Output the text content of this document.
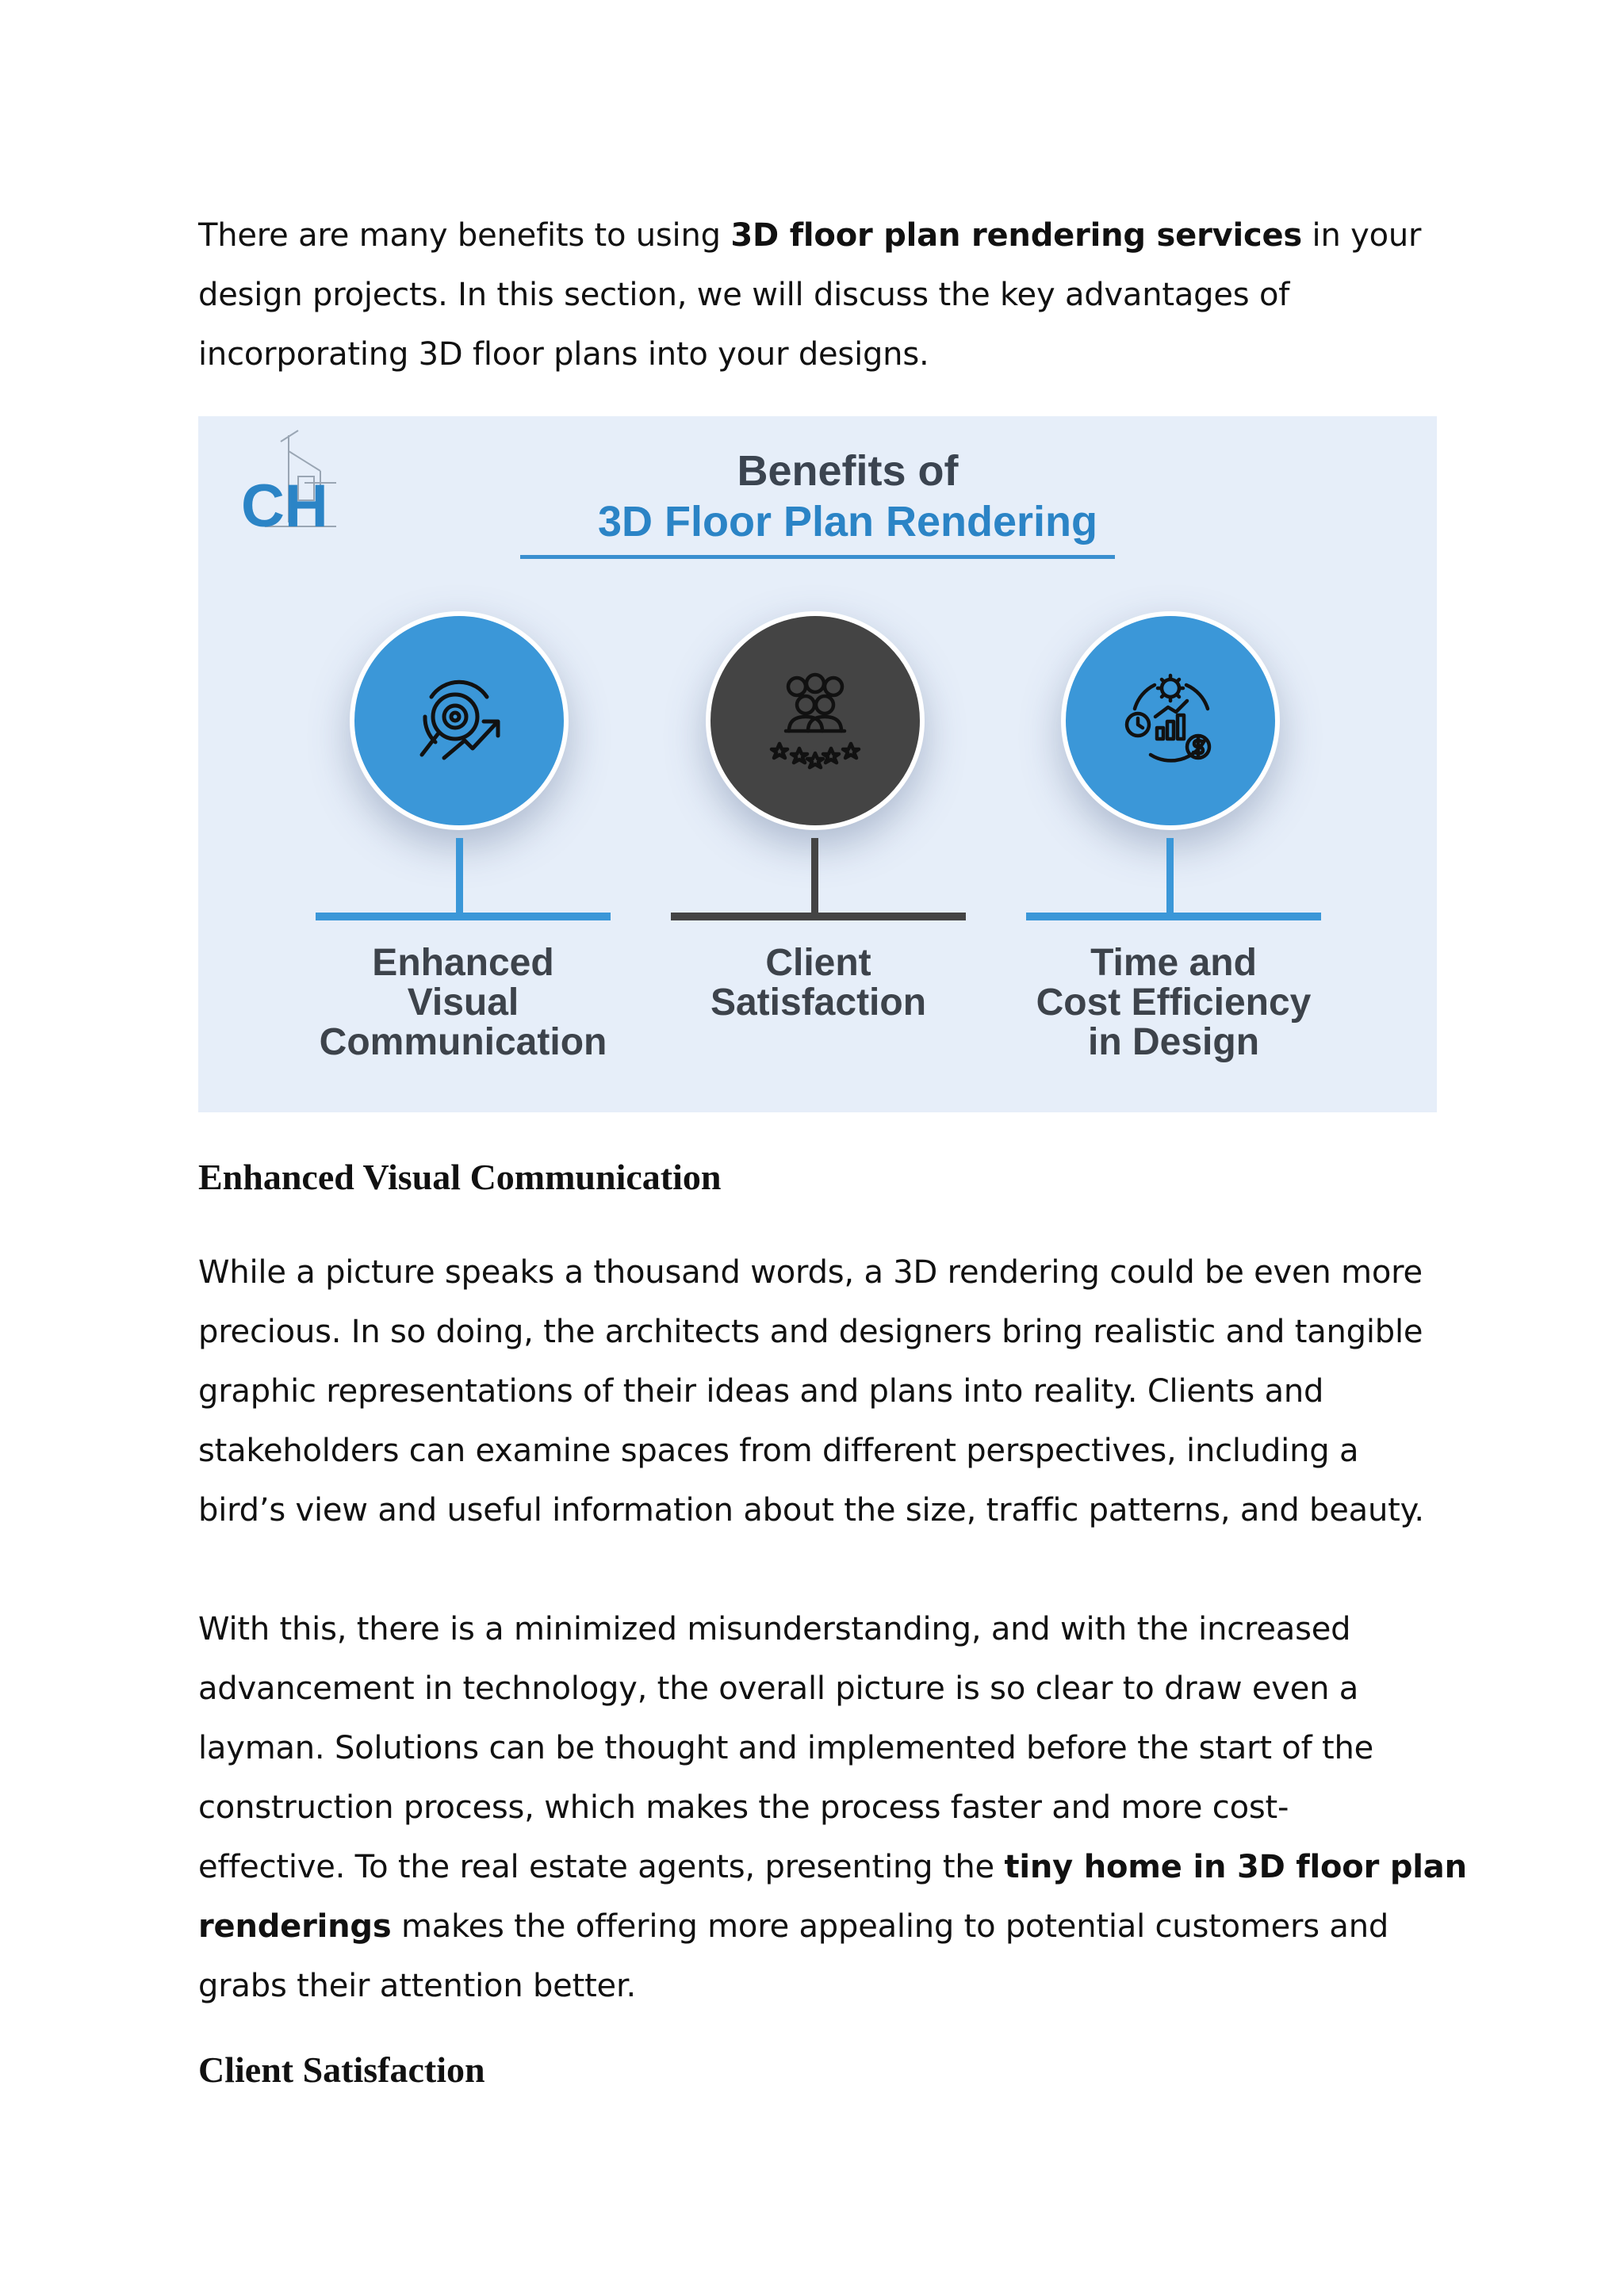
There are many benefits to using 3D floor plan rendering services in your
design projects. In this section, we will discuss the key advantages of
incorporating 3D floor plans into your designs.

CH
Benefits of
3D Floor Plan Rendering
Enhanced
Visual
Communication
Client
Satisfaction
Time and
Cost Efficiency
in Design
Enhanced Visual Communication

While a picture speaks a thousand words, a 3D rendering could be even more
precious. In so doing, the architects and designers bring realistic and tangible
graphic representations of their ideas and plans into reality. Clients and
stakeholders can examine spaces from different perspectives, including a
bird’s view and useful information about the size, traffic patterns, and beauty.

With this, there is a minimized misunderstanding, and with the increased
advancement in technology, the overall picture is so clear to draw even a
layman. Solutions can be thought and implemented before the start of the
construction process, which makes the process faster and more cost-
effective. To the real estate agents, presenting the tiny home in 3D floor plan
renderings makes the offering more appealing to potential customers and
grabs their attention better.

Client Satisfaction
